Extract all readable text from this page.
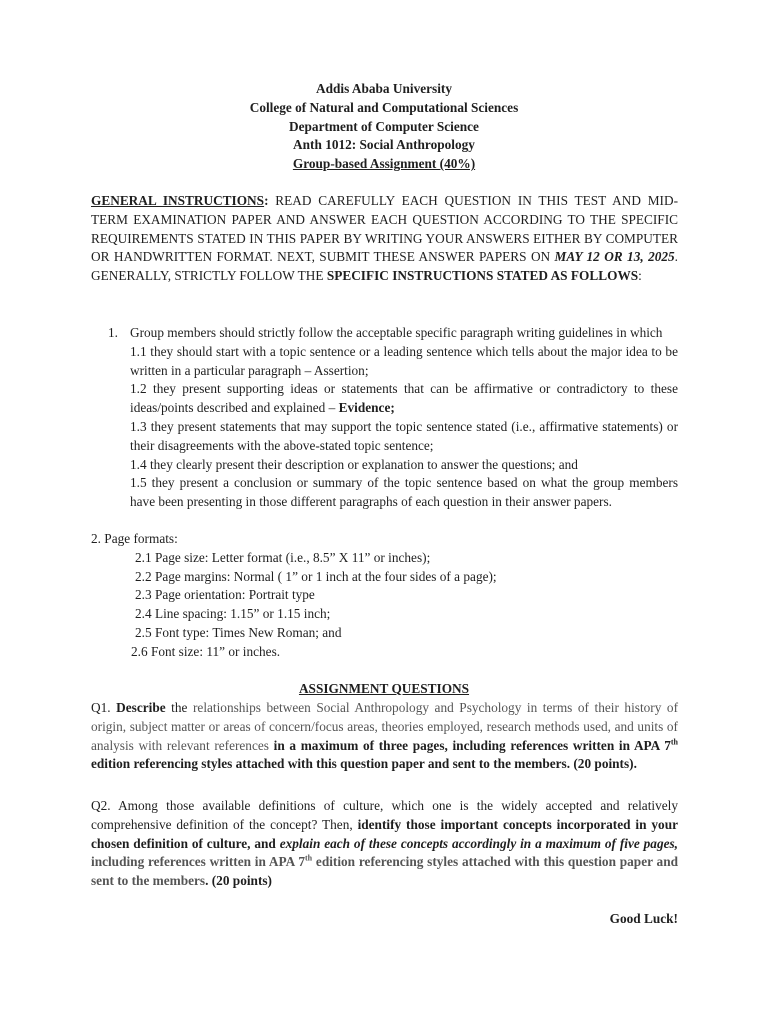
Addis Ababa University
College of Natural and Computational Sciences
Department of Computer Science
Anth 1012: Social Anthropology
Group-based Assignment (40%)
GENERAL INSTRUCTIONS: READ CAREFULLY EACH QUESTION IN THIS TEST AND MID-TERM EXAMINATION PAPER AND ANSWER EACH QUESTION ACCORDING TO THE SPECIFIC REQUIREMENTS STATED IN THIS PAPER BY WRITING YOUR ANSWERS EITHER BY COMPUTER OR HANDWRITTEN FORMAT. NEXT, SUBMIT THESE ANSWER PAPERS ON MAY 12 OR 13, 2025. GENERALLY, STRICTLY FOLLOW THE SPECIFIC INSTRUCTIONS STATED AS FOLLOWS:
1. Group members should strictly follow the acceptable specific paragraph writing guidelines in which
1.1 they should start with a topic sentence or a leading sentence which tells about the major idea to be written in a particular paragraph – Assertion;
1.2 they present supporting ideas or statements that can be affirmative or contradictory to these ideas/points described and explained – Evidence;
1.3 they present statements that may support the topic sentence stated (i.e., affirmative statements) or their disagreements with the above-stated topic sentence;
1.4 they clearly present their description or explanation to answer the questions; and
1.5 they present a conclusion or summary of the topic sentence based on what the group members have been presenting in those different paragraphs of each question in their answer papers.
2. Page formats:
2.1 Page size: Letter format (i.e., 8.5” X 11” or inches);
2.2 Page margins: Normal ( 1” or 1 inch at the four sides of a page);
2.3 Page orientation: Portrait type
2.4 Line spacing: 1.15” or 1.15 inch;
2.5 Font type: Times New Roman; and
2.6 Font size: 11” or inches.
ASSIGNMENT QUESTIONS
Q1. Describe the relationships between Social Anthropology and Psychology in terms of their history of origin, subject matter or areas of concern/focus areas, theories employed, research methods used, and units of analysis with relevant references in a maximum of three pages, including references written in APA 7th edition referencing styles attached with this question paper and sent to the members. (20 points).
Q2. Among those available definitions of culture, which one is the widely accepted and relatively comprehensive definition of the concept? Then, identify those important concepts incorporated in your chosen definition of culture, and explain each of these concepts accordingly in a maximum of five pages, including references written in APA 7th edition referencing styles attached with this question paper and sent to the members. (20 points)
Good Luck!
